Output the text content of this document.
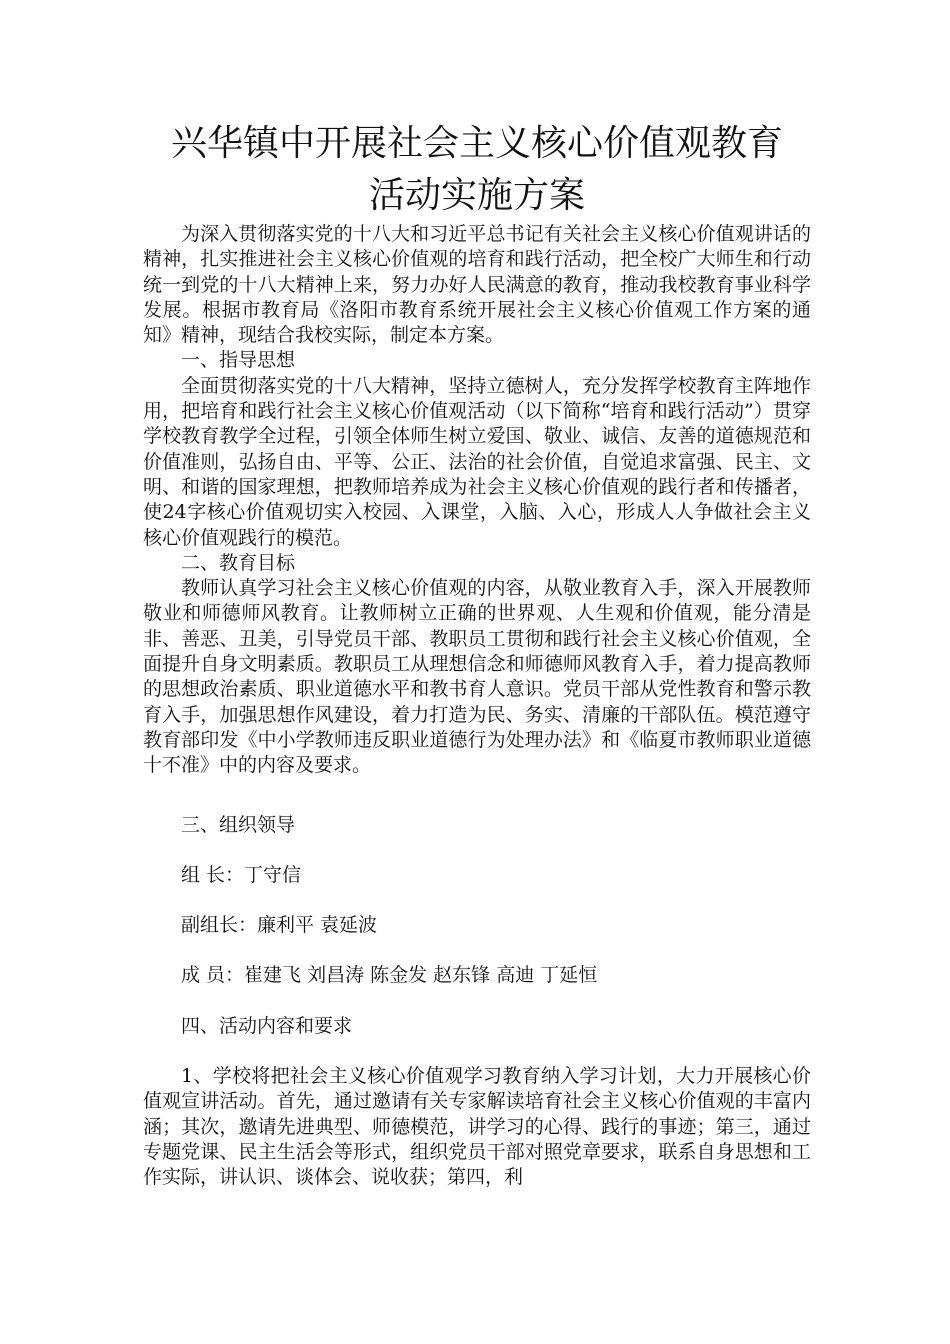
兴华镇中开展社会主义核心价值观教育
活动实施方案

为深入贯彻落实党的十八大和习近平总书记有关社会主义核心价值观讲话的精神，扎实推进社会主义核心价值观的培育和践行活动，把全校广大师生和行动统一到党的十八大精神上来，努力办好人民满意的教育，推动我校教育事业科学发展。根据市教育局《洛阳市教育系统开展社会主义核心价值观工作方案的通知》精神，现结合我校实际，制定本方案。

一、指导思想

全面贯彻落实党的十八大精神，坚持立德树人，充分发挥学校教育主阵地作用，把培育和践行社会主义核心价值观活动（以下简称“培育和践行活动”）贯穿学校教育教学全过程，引领全体师生树立爱国、敬业、诚信、友善的道德规范和价值准则，弘扬自由、平等、公正、法治的社会价值，自觉追求富强、民主、文明、和谐的国家理想，把教师培养成为社会主义核心价值观的践行者和传播者，使24字核心价值观切实入校园、入课堂，入脑、入心，形成人人争做社会主义核心价值观践行的模范。

二、教育目标

教师认真学习社会主义核心价值观的内容，从敬业教育入手，深入开展教师敬业和师德师风教育。让教师树立正确的世界观、人生观和价值观，能分清是非、善恶、丑美，引导党员干部、教职员工贯彻和践行社会主义核心价值观，全面提升自身文明素质。教职员工从理想信念和师德师风教育入手，着力提高教师的思想政治素质、职业道德水平和教书育人意识。党员干部从党性教育和警示教育入手，加强思想作风建设，着力打造为民、务实、清廉的干部队伍。模范遵守教育部印发《中小学教师违反职业道德行为处理办法》和《临夏市教师职业道德十不准》中的内容及要求。

三、组织领导

组 长：丁守信

副组长：廉利平 袁延波

成 员：崔建飞 刘昌涛 陈金发 赵东锋 高迪 丁延恒

四、活动内容和要求

1、学校将把社会主义核心价值观学习教育纳入学习计划，大力开展核心价值观宣讲活动。首先，通过邀请有关专家解读培育社会主义核心价值观的丰富内涵；其次，邀请先进典型、师德模范，讲学习的心得、践行的事迹；第三，通过专题党课、民主生活会等形式，组织党员干部对照党章要求，联系自身思想和工作实际，讲认识、谈体会、说收获；第四，利
